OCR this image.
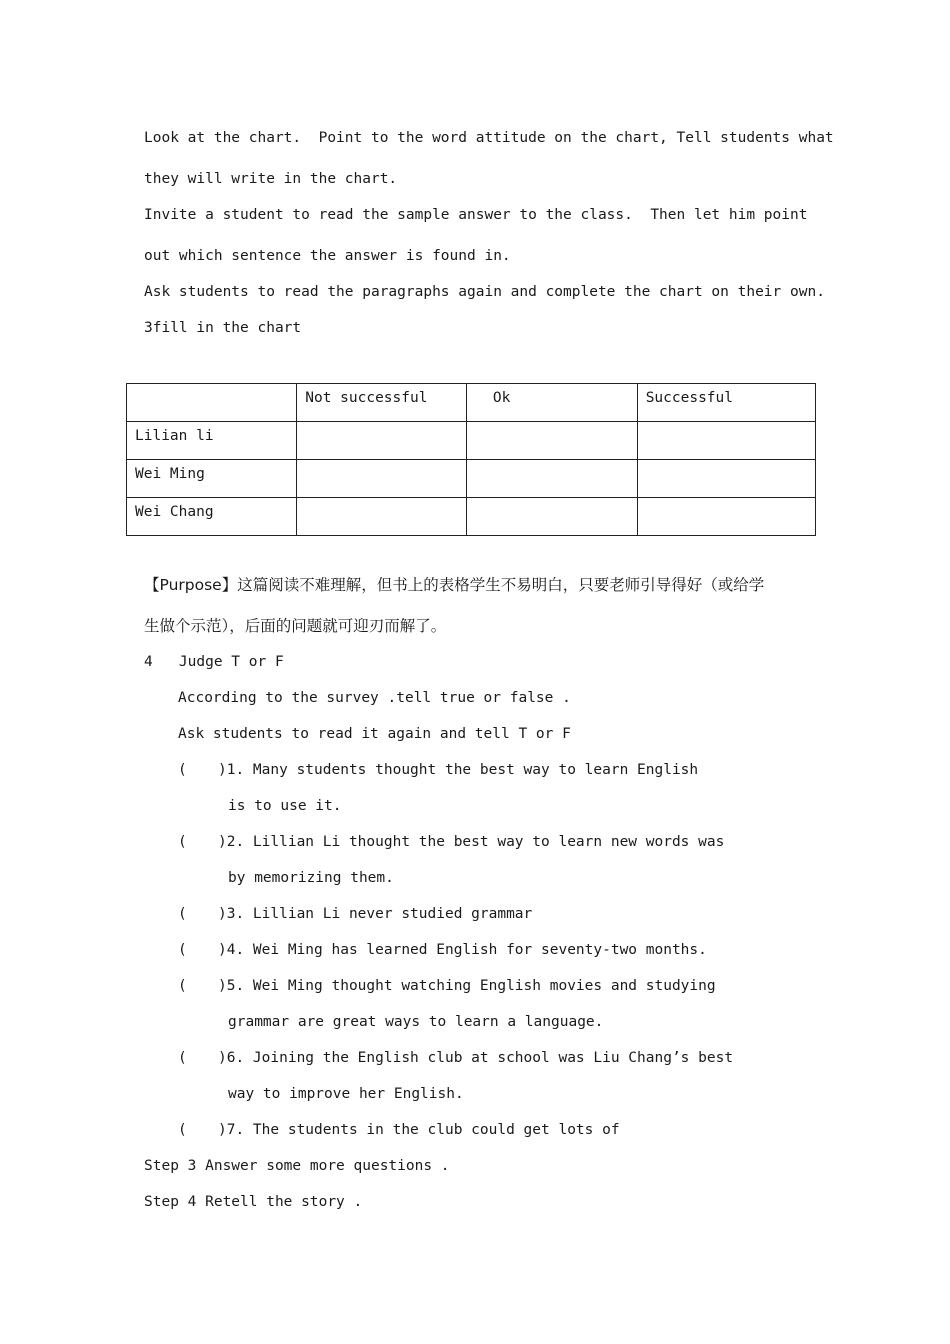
Look at the chart.  Point to the word attitude on the chart, Tell students what
they will write in the chart.
Invite a student to read the sample answer to the class.  Then let him point
out which sentence the answer is found in.
Ask students to read the paragraphs again and complete the chart on their own.
3fill in the chart
	Not successful	Ok	Successful
Lilian li			
Wei Ming			
Wei Chang			
【Purpose】这篇阅读不难理解，但书上的表格学生不易明白，只要老师引导得好（或给学
生做个示范），后面的问题就可迎刃而解了。
4   Judge T or F
According to the survey .tell true or false .
Ask students to read it again and tell T or F
( )1. Many students thought the best way to learn English
is to use it.
( )2. Lillian Li thought the best way to learn new words was
by memorizing them.
( )3. Lillian Li never studied grammar
( )4. Wei Ming has learned English for seventy-two months.
( )5. Wei Ming thought watching English movies and studying
grammar are great ways to learn a language.
( )6. Joining the English club at school was Liu Chang’s best
way to improve her English.
( )7. The students in the club could get lots of
Step 3 Answer some more questions .
Step 4 Retell the story .
